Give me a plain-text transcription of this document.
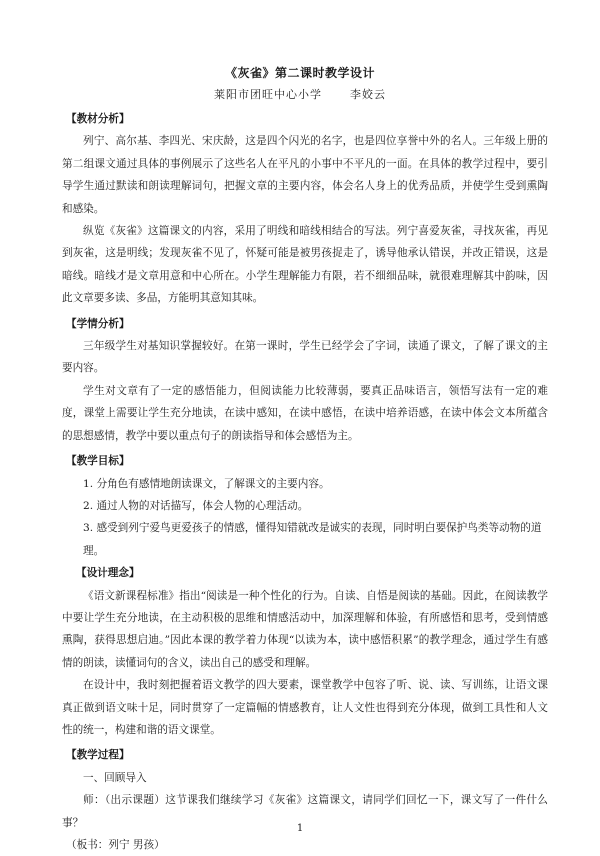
《灰雀》第二课时教学设计
莱阳市团旺中心小学	李姣云

【教材分析】

列宁、高尔基、李四光、宋庆龄，这是四个闪光的名字，也是四位享誉中外的名人。三年级上册的第二组课文通过具体的事例展示了这些名人在平凡的小事中不平凡的一面。在具体的教学过程中，要引导学生通过默读和朗读理解词句，把握文章的主要内容，体会名人身上的优秀品质，并使学生受到熏陶和感染。

纵览《灰雀》这篇课文的内容，采用了明线和暗线相结合的写法。列宁喜爱灰雀，寻找灰雀，再见到灰雀，这是明线；发现灰雀不见了，怀疑可能是被男孩捉走了，诱导他承认错误，并改正错误，这是暗线。暗线才是文章用意和中心所在。小学生理解能力有限，若不细细品味，就很难理解其中韵味，因此文章要多读、多品，方能明其意知其味。

【学情分析】

三年级学生对基知识掌握较好。在第一课时，学生已经学会了字词，读通了课文，了解了课文的主要内容。

学生对文章有了一定的感悟能力，但阅读能力比较薄弱，要真正品味语言，领悟写法有一定的难度，课堂上需要让学生充分地读，在读中感知，在读中感悟，在读中培养语感，在读中体会文本所蕴含的思想感情，教学中要以重点句子的朗读指导和体会感悟为主。

【教学目标】

1. 分角色有感情地朗读课文，了解课文的主要内容。

2. 通过人物的对话描写，体会人物的心理活动。

3. 感受到列宁爱鸟更爱孩子的情感，懂得知错就改是诚实的表现，同时明白要保护鸟类等动物的道理。

【设计理念】

《语文新课程标准》指出“阅读是一种个性化的行为。自读、自悟是阅读的基础。因此，在阅读教学中要让学生充分地读，在主动积极的思维和情感活动中，加深理解和体验，有所感悟和思考，受到情感熏陶，获得思想启迪。”因此本课的教学着力体现“以读为本，读中感悟积累”的教学理念，通过学生有感情的朗读，读懂词句的含义，读出自己的感受和理解。

在设计中，我时刻把握着语文教学的四大要素，课堂教学中包容了听、说、读、写训练，让语文课真正做到语文味十足，同时贯穿了一定篇幅的情感教育，让人文性也得到充分体现，做到工具性和人文性的统一，构建和谐的语文课堂。

【教学过程】

一、回顾导入

师：（出示课题）这节课我们继续学习《灰雀》这篇课文，请同学们回忆一下，课文写了一件什么事？

（板书：列宁 男孩）

1
